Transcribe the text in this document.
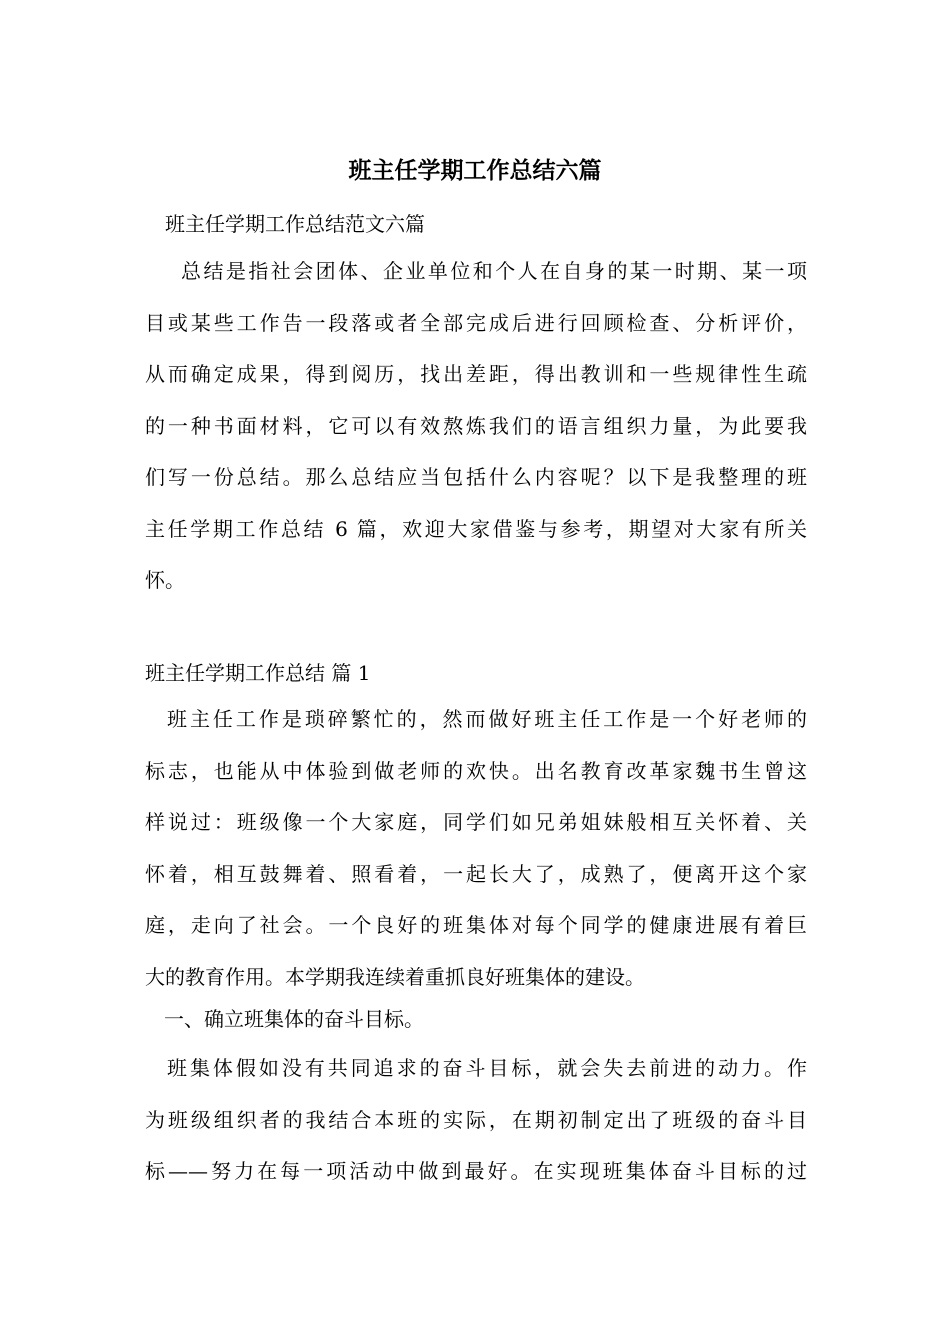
班主任学期工作总结六篇

班主任学期工作总结范文六篇

总结是指社会团体、企业单位和个人在自身的某一时期、某一项
目或某些工作告一段落或者全部完成后进行回顾检查、分析评价，
从而确定成果，得到阅历，找出差距，得出教训和一些规律性生疏
的一种书面材料，它可以有效熬炼我们的语言组织力量，为此要我
们写一份总结。那么总结应当包括什么内容呢？以下是我整理的班
主任学期工作总结 6 篇，欢迎大家借鉴与参考，期望对大家有所关
怀。

班主任学期工作总结 篇 1

班主任工作是琐碎繁忙的，然而做好班主任工作是一个好老师的
标志，也能从中体验到做老师的欢快。出名教育改革家魏书生曾这
样说过：班级像一个大家庭，同学们如兄弟姐妹般相互关怀着、关
怀着，相互鼓舞着、照看着，一起长大了，成熟了，便离开这个家
庭，走向了社会。一个良好的班集体对每个同学的健康进展有着巨
大的教育作用。本学期我连续着重抓良好班集体的建设。

一、确立班集体的奋斗目标。

班集体假如没有共同追求的奋斗目标，就会失去前进的动力。作
为班级组织者的我结合本班的实际，在期初制定出了班级的奋斗目
标——努力在每一项活动中做到最好。在实现班集体奋斗目标的过
